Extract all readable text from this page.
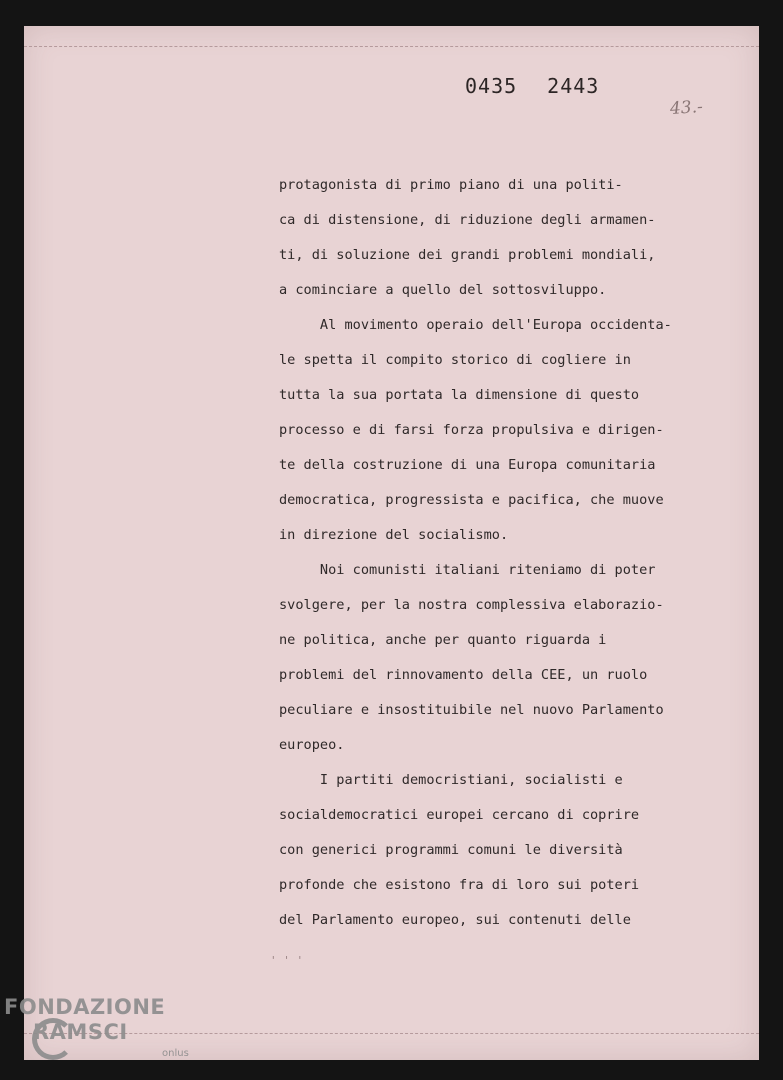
0435 2443

43.-

protagonista di primo piano di una politi-

ca di distensione, di riduzione degli armamen-

ti, di soluzione dei grandi problemi mondiali,

a cominciare a quello del sottosviluppo.

Al movimento operaio dell'Europa occidenta-

le spetta il compito storico di cogliere in

tutta la sua portata la dimensione di questo

processo e di farsi forza propulsiva e dirigen-

te della costruzione di una Europa comunitaria

democratica, progressista e pacifica, che muove

in direzione del socialismo.

Noi comunisti italiani riteniamo di poter

svolgere, per la nostra complessiva elaborazio-

ne politica, anche per quanto riguarda i

problemi del rinnovamento della CEE, un ruolo

peculiare e insostituibile nel nuovo Parlamento

europeo.

I partiti democristiani, socialisti e

socialdemocratici europei cercano di coprire

con generici programmi comuni le diversità

profonde che esistono fra di loro sui poteri

del Parlamento europeo, sui contenuti delle

' ' '
FONDAZIONE
RAMSCI
onlus
